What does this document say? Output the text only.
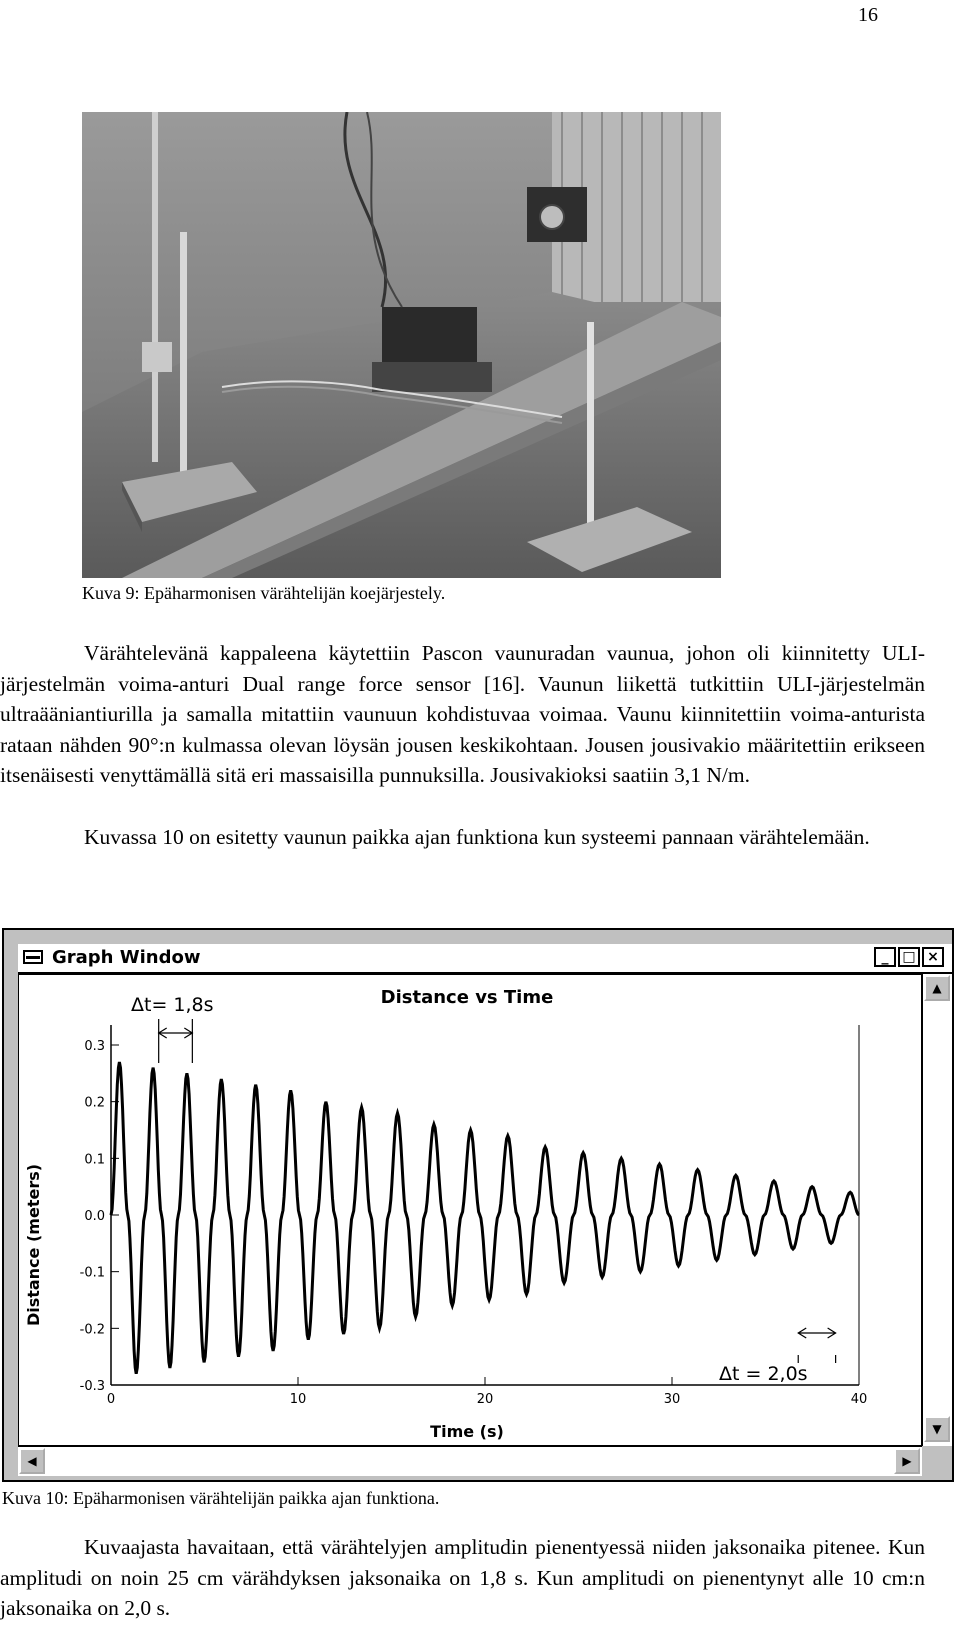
16
Kuva 9: Epäharmonisen värähtelijän koejärjestely.
Värähtelevänä kappaleena käytettiin Pascon vaunuradan vaunua, johon oli kiinnitetty ULI-järjestelmän voima-anturi Dual range force sensor [16]. Vaunun liikettä tutkittiin ULI-järjestelmän ultraääniantiurilla ja samalla mitattiin vaunuun kohdistuvaa voimaa. Vaunu kiinnitettiin voima-anturista rataan nähden 90°:n kulmassa olevan löysän jousen keskikohtaan. Jousen jousivakio määritettiin erikseen itsenäisesti venyttämällä sitä eri massaisilla punnuksilla. Jousivakioksi saatiin 3,1 N/m.
Kuvassa 10 on esitetty vaunun paikka ajan funktiona kun systeemi pannaan värähtelemään.
Graph Window	_ □ ×
Distance vs Time
Time (s)
Distance (meters)
0.3
0.2
0.1
0.0
-0.1
-0.2
-0.3
0	10	20	30	40
Δt= 1,8s
Δt = 2,0s
▲
▼
◀	▶
Kuva 10: Epäharmonisen värähtelijän paikka ajan funktiona.
Kuvaajasta havaitaan, että värähtelyjen amplitudin pienentyessä niiden jaksonaika pitenee. Kun amplitudi on noin 25 cm värähdyksen jaksonaika on 1,8 s. Kun amplitudi on pienentynyt alle 10 cm:n jaksonaika on 2,0 s.
